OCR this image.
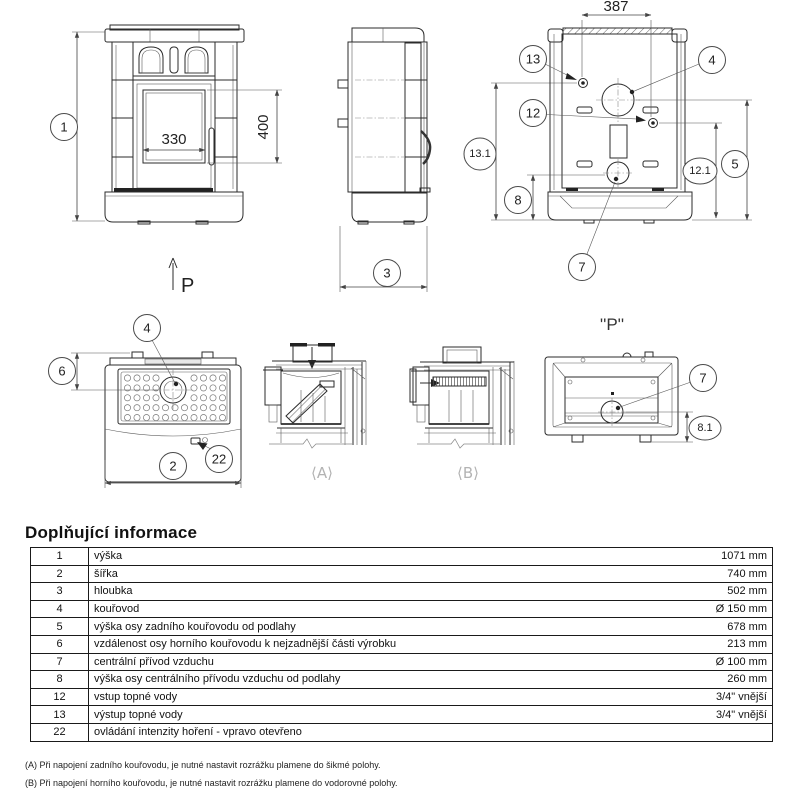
1
330	400
P
3
13.1
387
13
12
4
5
12.1
8
7
4
6
2	22
⟨A⟩	⟨B⟩
''P''
7
8.1
Doplňující informace
1	výška	1071 mm
2	šířka	740 mm
3	hloubka	502 mm
4	kouřovod	Ø 150 mm
5	výška osy zadního kouřovodu od podlahy	678 mm
6	vzdálenost osy horního kouřovodu k nejzadnější části výrobku	213 mm
7	centrální přívod vzduchu	Ø 100 mm
8	výška osy centrálního přívodu vzduchu od podlahy	260 mm
12	vstup topné vody	3/4" vnější
13	výstup topné vody	3/4" vnější
22	ovládání intenzity hoření - vpravo otevřeno	
(A) Při napojení zadního kouřovodu, je nutné nastavit rozrážku plamene do šikmé polohy.
(B) Při napojení horního kouřovodu, je nutné nastavit rozrážku plamene do vodorovné polohy.
